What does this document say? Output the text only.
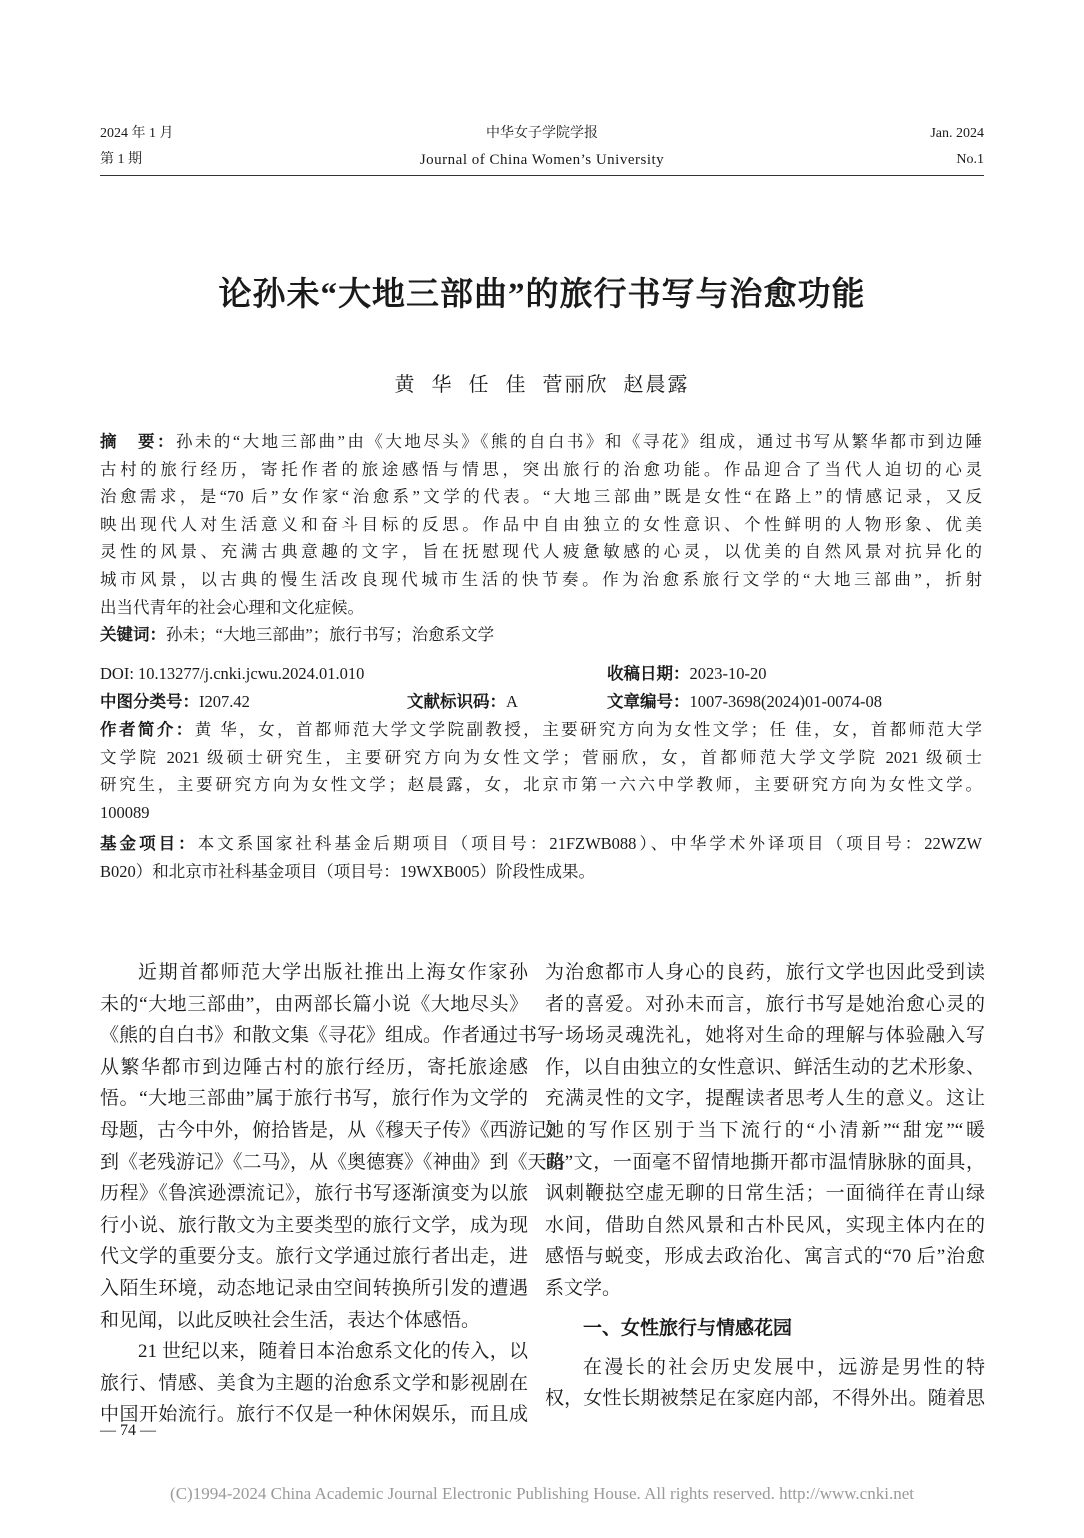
2024 年 1 月
第 1 期
中华女子学院学报
Journal of China Women’s University
Jan. 2024
No.1
论孙未“大地三部曲”的旅行书写与治愈功能
黄 华 任 佳 菅丽欣 赵晨露
摘　要：孙未的“大地三部曲”由《大地尽头》《熊的自白书》和《寻花》组成，通过书写从繁华都市到边陲
古村的旅行经历，寄托作者的旅途感悟与情思，突出旅行的治愈功能。作品迎合了当代人迫切的心灵
治愈需求，是“70 后”女作家“治愈系”文学的代表。“大地三部曲”既是女性“在路上”的情感记录，又反
映出现代人对生活意义和奋斗目标的反思。作品中自由独立的女性意识、个性鲜明的人物形象、优美
灵性的风景、充满古典意趣的文字，旨在抚慰现代人疲惫敏感的心灵，以优美的自然风景对抗异化的
城市风景，以古典的慢生活改良现代城市生活的快节奏。作为治愈系旅行文学的“大地三部曲”，折射
出当代青年的社会心理和文化症候。
关键词：孙未；“大地三部曲”；旅行书写；治愈系文学
DOI: 10.13277/j.cnki.jcwu.2024.01.010	收稿日期：2023-10-20
中图分类号：I207.42	文献标识码：A	文章编号：1007-3698(2024)01-0074-08
作者简介：黄 华，女，首都师范大学文学院副教授，主要研究方向为女性文学；任 佳，女，首都师范大学
文学院 2021 级硕士研究生，主要研究方向为女性文学；菅丽欣，女，首都师范大学文学院 2021 级硕士
研究生，主要研究方向为女性文学；赵晨露，女，北京市第一六六中学教师，主要研究方向为女性文学。
100089
基金项目：本文系国家社科基金后期项目（项目号：21FZWB088）、中华学术外译项目（项目号：22WZW
B020）和北京市社科基金项目（项目号：19WXB005）阶段性成果。
近期首都师范大学出版社推出上海女作家孙
未的“大地三部曲”，由两部长篇小说《大地尽头》
《熊的自白书》和散文集《寻花》组成。作者通过书写
从繁华都市到边陲古村的旅行经历，寄托旅途感
悟。“大地三部曲”属于旅行书写，旅行作为文学的
母题，古今中外，俯拾皆是，从《穆天子传》《西游记》
到《老残游记》《二马》，从《奥德赛》《神曲》到《天路
历程》《鲁滨逊漂流记》，旅行书写逐渐演变为以旅
行小说、旅行散文为主要类型的旅行文学，成为现
代文学的重要分支。旅行文学通过旅行者出走，进
入陌生环境，动态地记录由空间转换所引发的遭遇
和见闻，以此反映社会生活，表达个体感悟。
21 世纪以来，随着日本治愈系文化的传入，以
旅行、情感、美食为主题的治愈系文学和影视剧在
中国开始流行。旅行不仅是一种休闲娱乐，而且成
为治愈都市人身心的良药，旅行文学也因此受到读
者的喜爱。对孙未而言，旅行书写是她治愈心灵的
一场场灵魂洗礼，她将对生命的理解与体验融入写
作，以自由独立的女性意识、鲜活生动的艺术形象、
充满灵性的文字，提醒读者思考人生的意义。这让
她的写作区别于当下流行的“小清新”“甜宠”“暖
萌”文，一面毫不留情地撕开都市温情脉脉的面具，
讽刺鞭挞空虚无聊的日常生活；一面徜徉在青山绿
水间，借助自然风景和古朴民风，实现主体内在的
感悟与蜕变，形成去政治化、寓言式的“70 后”治愈
系文学。
一、女性旅行与情感花园
在漫长的社会历史发展中，远游是男性的特
权，女性长期被禁足在家庭内部，不得外出。随着思
— 74 —
(C)1994-2024 China Academic Journal Electronic Publishing House. All rights reserved. http://www.cnki.net
